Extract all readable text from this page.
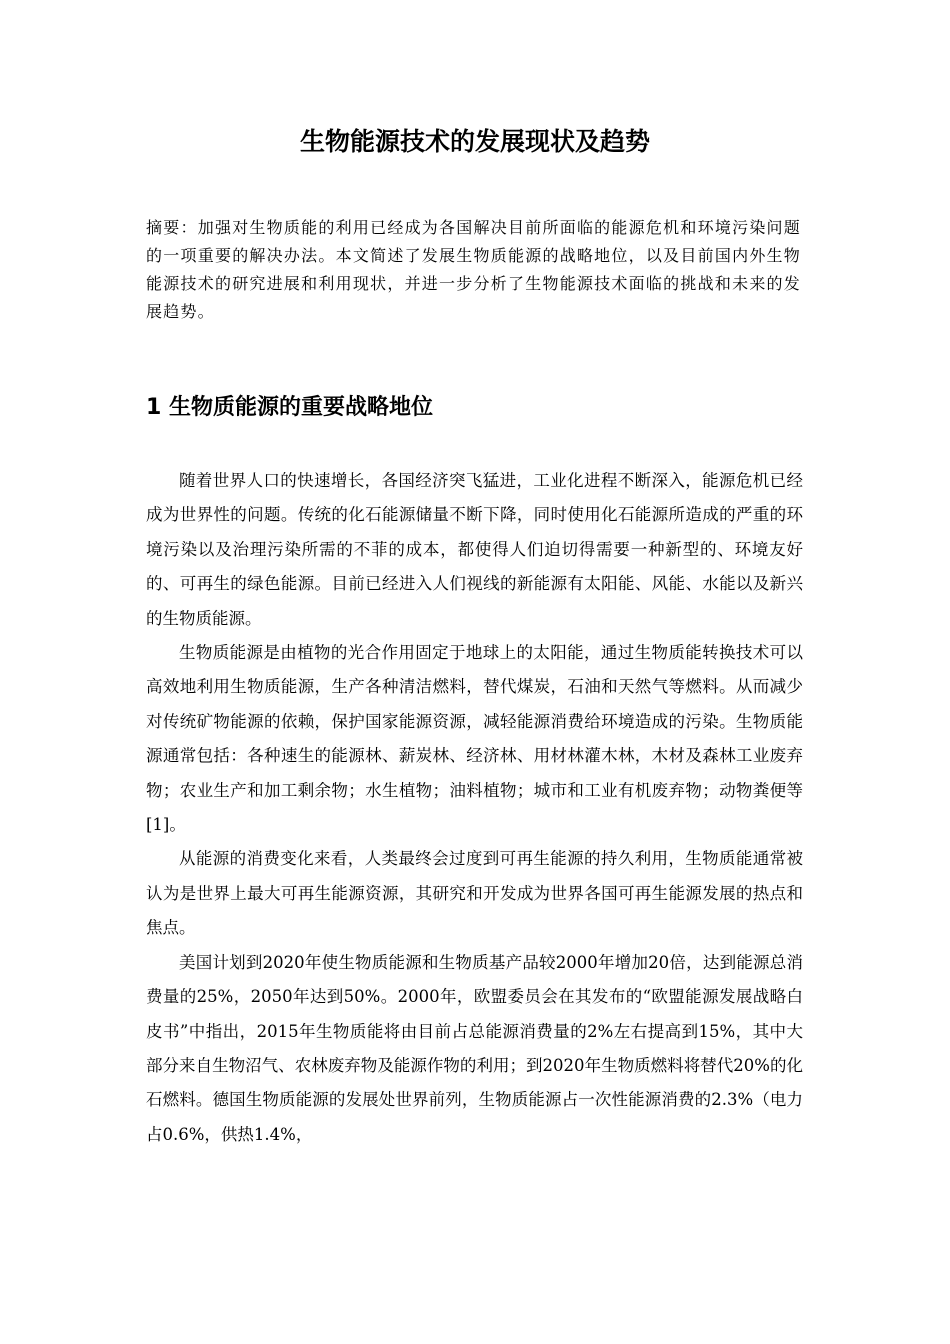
生物能源技术的发展现状及趋势

摘要：加强对生物质能的利用已经成为各国解决目前所面临的能源危机和环境污染问题的一项重要的解决办法。本文简述了发展生物质能源的战略地位，以及目前国内外生物能源技术的研究进展和利用现状，并进一步分析了生物能源技术面临的挑战和未来的发展趋势。

1 生物质能源的重要战略地位

随着世界人口的快速增长，各国经济突飞猛进，工业化进程不断深入，能源危机已经成为世界性的问题。传统的化石能源储量不断下降，同时使用化石能源所造成的严重的环境污染以及治理污染所需的不菲的成本，都使得人们迫切得需要一种新型的、环境友好的、可再生的绿色能源。目前已经进入人们视线的新能源有太阳能、风能、水能以及新兴的生物质能源。

生物质能源是由植物的光合作用固定于地球上的太阳能，通过生物质能转换技术可以高效地利用生物质能源，生产各种清洁燃料，替代煤炭，石油和天然气等燃料。从而减少对传统矿物能源的依赖，保护国家能源资源，减轻能源消费给环境造成的污染。生物质能源通常包括：各种速生的能源林、薪炭林、经济林、用材林灌木林，木材及森林工业废弃物；农业生产和加工剩余物；水生植物；油料植物；城市和工业有机废弃物；动物粪便等[1]。

从能源的消费变化来看，人类最终会过度到可再生能源的持久利用，生物质能通常被认为是世界上最大可再生能源资源，其研究和开发成为世界各国可再生能源发展的热点和焦点。

美国计划到2020年使生物质能源和生物质基产品较2000年增加20倍，达到能源总消费量的25%，2050年达到50%。2000年，欧盟委员会在其发布的“欧盟能源发展战略白皮书”中指出，2015年生物质能将由目前占总能源消费量的2%左右提高到15%，其中大部分来自生物沼气、农林废弃物及能源作物的利用；到2020年生物质燃料将替代20%的化石燃料。德国生物质能源的发展处世界前列，生物质能源占一次性能源消费的2.3%（电力占0.6%，供热1.4%，
